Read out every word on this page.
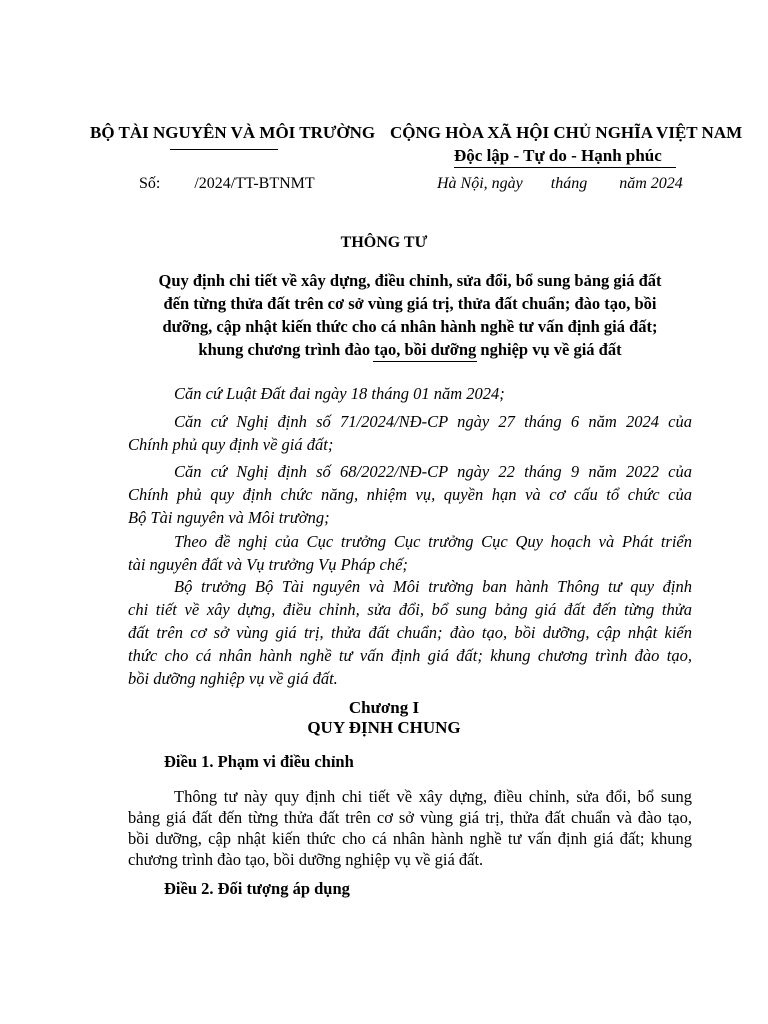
BỘ TÀI NGUYÊN VÀ MÔI TRƯỜNG CỘNG HÒA XÃ HỘI CHỦ NGHĨA VIỆT NAM
Độc lập - Tự do - Hạnh phúc
Số: /2024/TT-BTNMT	Hà Nội, ngày tháng năm 2024
THÔNG TƯ
Quy định chi tiết về xây dựng, điều chỉnh, sửa đổi, bổ sung bảng giá đất
đến từng thửa đất trên cơ sở vùng giá trị, thửa đất chuẩn; đào tạo, bồi
dưỡng, cập nhật kiến thức cho cá nhân hành nghề tư vấn định giá đất;
khung chương trình đào tạo, bồi dưỡng nghiệp vụ về giá đất
Căn cứ Luật Đất đai ngày 18 tháng 01 năm 2024;
Căn cứ Nghị định số 71/2024/NĐ-CP ngày 27 tháng 6 năm 2024 của
Chính phủ quy định về giá đất;
Căn cứ Nghị định số 68/2022/NĐ-CP ngày 22 tháng 9 năm 2022 của
Chính phủ quy định chức năng, nhiệm vụ, quyền hạn và cơ cấu tổ chức của
Bộ Tài nguyên và Môi trường;
Theo đề nghị của Cục trưởng Cục trưởng Cục Quy hoạch và Phát triển
tài nguyên đất và Vụ trưởng Vụ Pháp chế;
Bộ trưởng Bộ Tài nguyên và Môi trường ban hành Thông tư quy định
chi tiết về xây dựng, điều chỉnh, sửa đổi, bổ sung bảng giá đất đến từng thửa
đất trên cơ sở vùng giá trị, thửa đất chuẩn; đào tạo, bồi dưỡng, cập nhật kiến
thức cho cá nhân hành nghề tư vấn định giá đất; khung chương trình đào tạo,
bồi dưỡng nghiệp vụ về giá đất.
Chương I
QUY ĐỊNH CHUNG
Điều 1. Phạm vi điều chỉnh
Thông tư này quy định chi tiết về xây dựng, điều chỉnh, sửa đổi, bổ sung
bảng giá đất đến từng thửa đất trên cơ sở vùng giá trị, thửa đất chuẩn và đào tạo,
bồi dưỡng, cập nhật kiến thức cho cá nhân hành nghề tư vấn định giá đất; khung
chương trình đào tạo, bồi dưỡng nghiệp vụ về giá đất.
Điều 2. Đối tượng áp dụng
